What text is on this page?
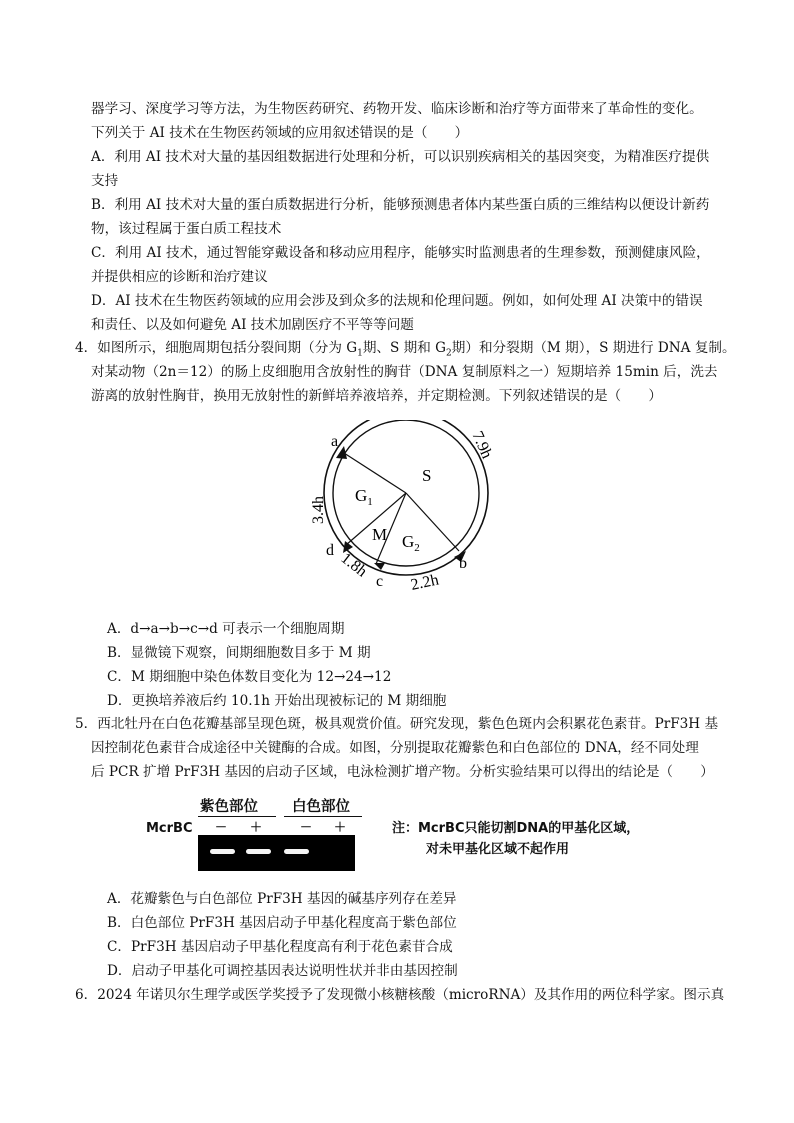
器学习、深度学习等方法，为生物医药研究、药物开发、临床诊断和治疗等方面带来了革命性的变化。
下列关于 AI 技术在生物医药领域的应用叙述错误的是（　　）
A．利用 AI 技术对大量的基因组数据进行处理和分析，可以识别疾病相关的基因突变，为精准医疗提供
支持
B．利用 AI 技术对大量的蛋白质数据进行分析，能够预测患者体内某些蛋白质的三维结构以便设计新药
物，该过程属于蛋白质工程技术
C．利用 AI 技术，通过智能穿戴设备和移动应用程序，能够实时监测患者的生理参数，预测健康风险，
并提供相应的诊断和治疗建议
D．AI 技术在生物医药领域的应用会涉及到众多的法规和伦理问题。例如，如何处理 AI 决策中的错误
和责任、以及如何避免 AI 技术加剧医疗不平等等问题
4．如图所示，细胞周期包括分裂间期（分为 $G_1$期、S 期和 $G_2$期）和分裂期（M 期），S 期进行 DNA 复制。
对某动物（2n＝12）的肠上皮细胞用含放射性的胸苷（DNA 复制原料之一）短期培养 15min 后，洗去
游离的放射性胸苷，换用无放射性的新鲜培养液培养，并定期检测。下列叙述错误的是（　　）
a
b
c
d
S
$G_1$
M $G_2$
7.9h
3.4h
1.8h
2.2h
A．d→a→b→c→d 可表示一个细胞周期
B．显微镜下观察，间期细胞数目多于 M 期
C．M 期细胞中染色体数目变化为 12→24→12
D．更换培养液后约 10.1h 开始出现被标记的 M 期细胞
5．西北牡丹在白色花瓣基部呈现色斑，极具观赏价值。研究发现，紫色色斑内会积累花色素苷。PrF3H 基
因控制花色素苷合成途径中关键酶的合成。如图，分别提取花瓣紫色和白色部位的 DNA，经不同处理
后 PCR 扩增 PrF3H 基因的启动子区域，电泳检测扩增产物。分析实验结果可以得出的结论是（　　）
紫色部位 白色部位
McrBC － ＋	－ ＋	注：McrBC只能切割DNA的甲基化区域，
对未甲基化区域不起作用
A．花瓣紫色与白色部位 PrF3H 基因的碱基序列存在差异
B．白色部位 PrF3H 基因启动子甲基化程度高于紫色部位
C．PrF3H 基因启动子甲基化程度高有利于花色素苷合成
D．启动子甲基化可调控基因表达说明性状并非由基因控制
6．2024 年诺贝尔生理学或医学奖授予了发现微小核糖核酸（microRNA）及其作用的两位科学家。图示真
